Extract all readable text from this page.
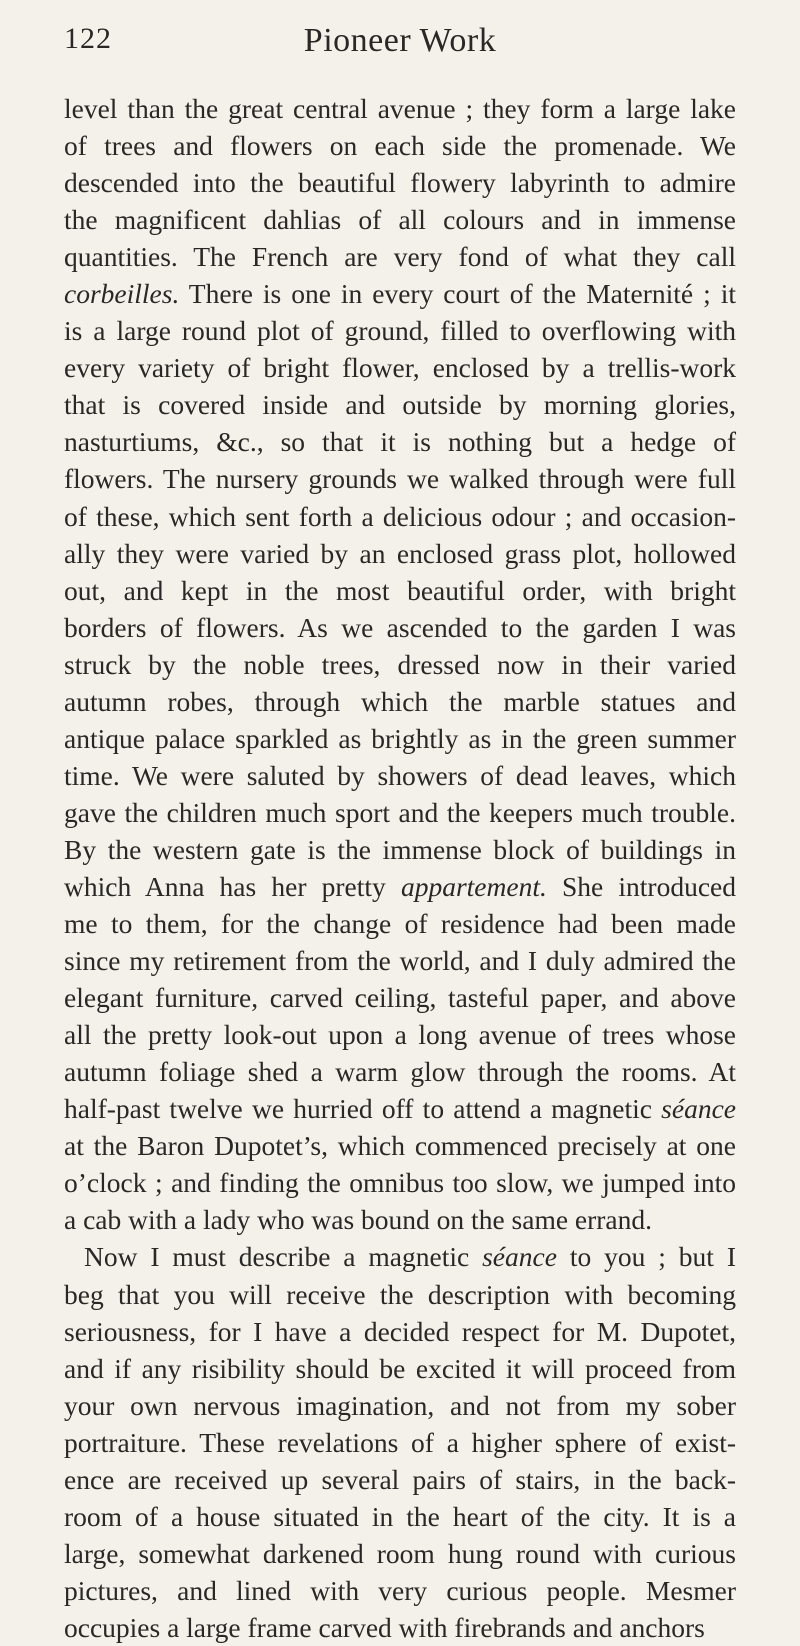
122	Pioneer Work
level than the great central avenue ; they form a large lake
of trees and flowers on each side the promenade. We
descended into the beautiful flowery labyrinth to admire
the magnificent dahlias of all colours and in immense
quantities. The French are very fond of what they call
corbeilles. There is one in every court of the Maternité ; it
is a large round plot of ground, filled to overflowing with
every variety of bright flower, enclosed by a trellis-work
that is covered inside and outside by morning glories,
nasturtiums, &c., so that it is nothing but a hedge of
flowers. The nursery grounds we walked through were full
of these, which sent forth a delicious odour ; and occasion-
ally they were varied by an enclosed grass plot, hollowed
out, and kept in the most beautiful order, with bright
borders of flowers. As we ascended to the garden I was
struck by the noble trees, dressed now in their varied
autumn robes, through which the marble statues and
antique palace sparkled as brightly as in the green summer
time. We were saluted by showers of dead leaves, which
gave the children much sport and the keepers much trouble.
By the western gate is the immense block of buildings in
which Anna has her pretty appartement. She introduced
me to them, for the change of residence had been made
since my retirement from the world, and I duly admired the
elegant furniture, carved ceiling, tasteful paper, and above
all the pretty look-out upon a long avenue of trees whose
autumn foliage shed a warm glow through the rooms. At
half-past twelve we hurried off to attend a magnetic séance
at the Baron Dupotet’s, which commenced precisely at one
o’clock ; and finding the omnibus too slow, we jumped into
a cab with a lady who was bound on the same errand.
Now I must describe a magnetic séance to you ; but I
beg that you will receive the description with becoming
seriousness, for I have a decided respect for M. Dupotet,
and if any risibility should be excited it will proceed from
your own nervous imagination, and not from my sober
portraiture. These revelations of a higher sphere of exist-
ence are received up several pairs of stairs, in the back-
room of a house situated in the heart of the city. It is a
large, somewhat darkened room hung round with curious
pictures, and lined with very curious people. Mesmer
occupies a large frame carved with firebrands and anchors
